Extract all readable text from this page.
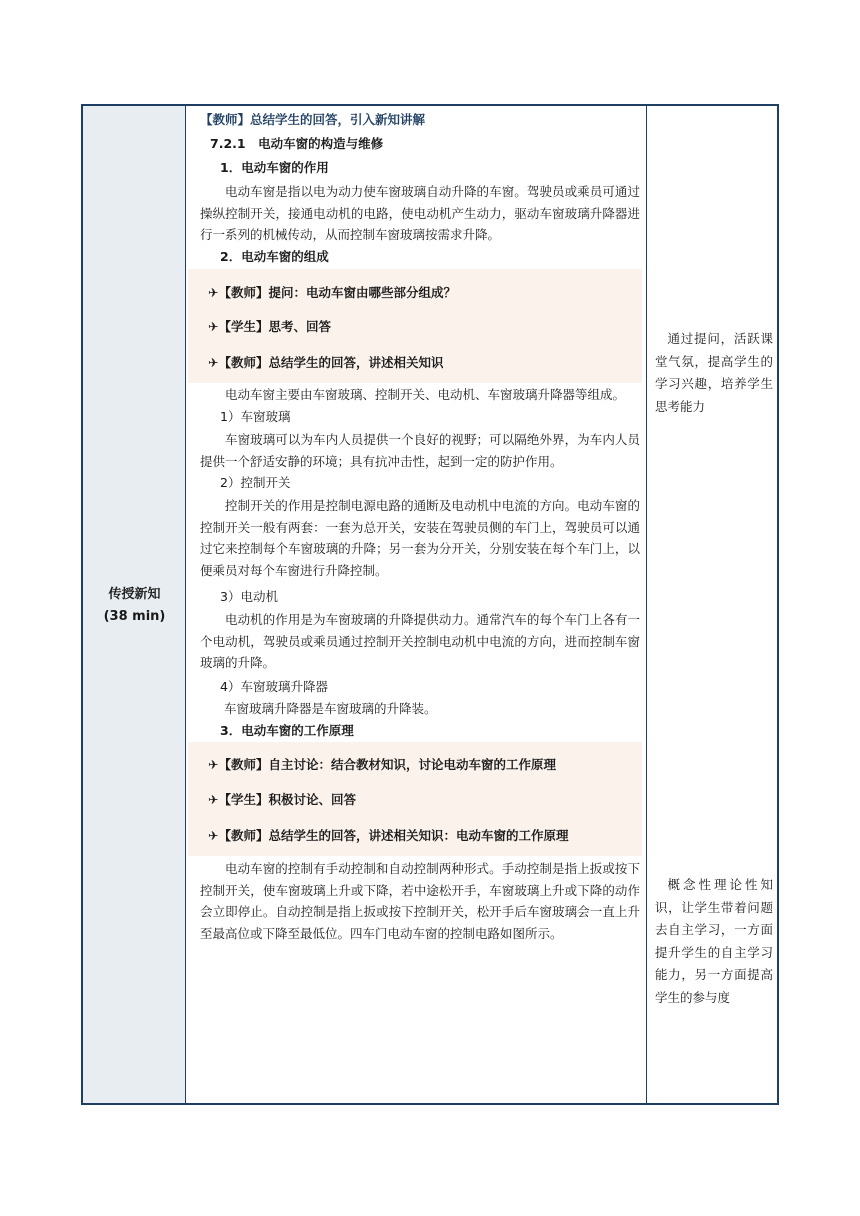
传授新知
(38 min)
【教师】总结学生的回答，引入新知讲解
7.2.1　电动车窗的构造与维修
1．电动车窗的作用
电动车窗是指以电为动力使车窗玻璃自动升降的车窗。驾驶员或乘员可通过操纵控制开关，接通电动机的电路，使电动机产生动力，驱动车窗玻璃升降器进行一系列的机械传动，从而控制车窗玻璃按需求升降。
2．电动车窗的组成
✈【教师】提问：电动车窗由哪些部分组成？
✈【学生】思考、回答
✈【教师】总结学生的回答，讲述相关知识
电动车窗主要由车窗玻璃、控制开关、电动机、车窗玻璃升降器等组成。
1）车窗玻璃
车窗玻璃可以为车内人员提供一个良好的视野；可以隔绝外界，为车内人员提供一个舒适安静的环境；具有抗冲击性，起到一定的防护作用。
2）控制开关
控制开关的作用是控制电源电路的通断及电动机中电流的方向。电动车窗的控制开关一般有两套：一套为总开关，安装在驾驶员侧的车门上，驾驶员可以通过它来控制每个车窗玻璃的升降；另一套为分开关，分别安装在每个车门上，以便乘员对每个车窗进行升降控制。
3）电动机
电动机的作用是为车窗玻璃的升降提供动力。通常汽车的每个车门上各有一个电动机，驾驶员或乘员通过控制开关控制电动机中电流的方向，进而控制车窗玻璃的升降。
4）车窗玻璃升降器
车窗玻璃升降器是车窗玻璃的升降装。
3．电动车窗的工作原理
✈【教师】自主讨论：结合教材知识，讨论电动车窗的工作原理
✈【学生】积极讨论、回答
✈【教师】总结学生的回答，讲述相关知识：电动车窗的工作原理
电动车窗的控制有手动控制和自动控制两种形式。手动控制是指上扳或按下控制开关，使车窗玻璃上升或下降，若中途松开手，车窗玻璃上升或下降的动作会立即停止。自动控制是指上扳或按下控制开关，松开手后车窗玻璃会一直上升至最高位或下降至最低位。四车门电动车窗的控制电路如图所示。
通过提问，活跃课堂气氛，提高学生的学习兴趣，培养学生思考能力
概念性理论性知识，让学生带着问题去自主学习，一方面提升学生的自主学习能力，另一方面提高学生的参与度
